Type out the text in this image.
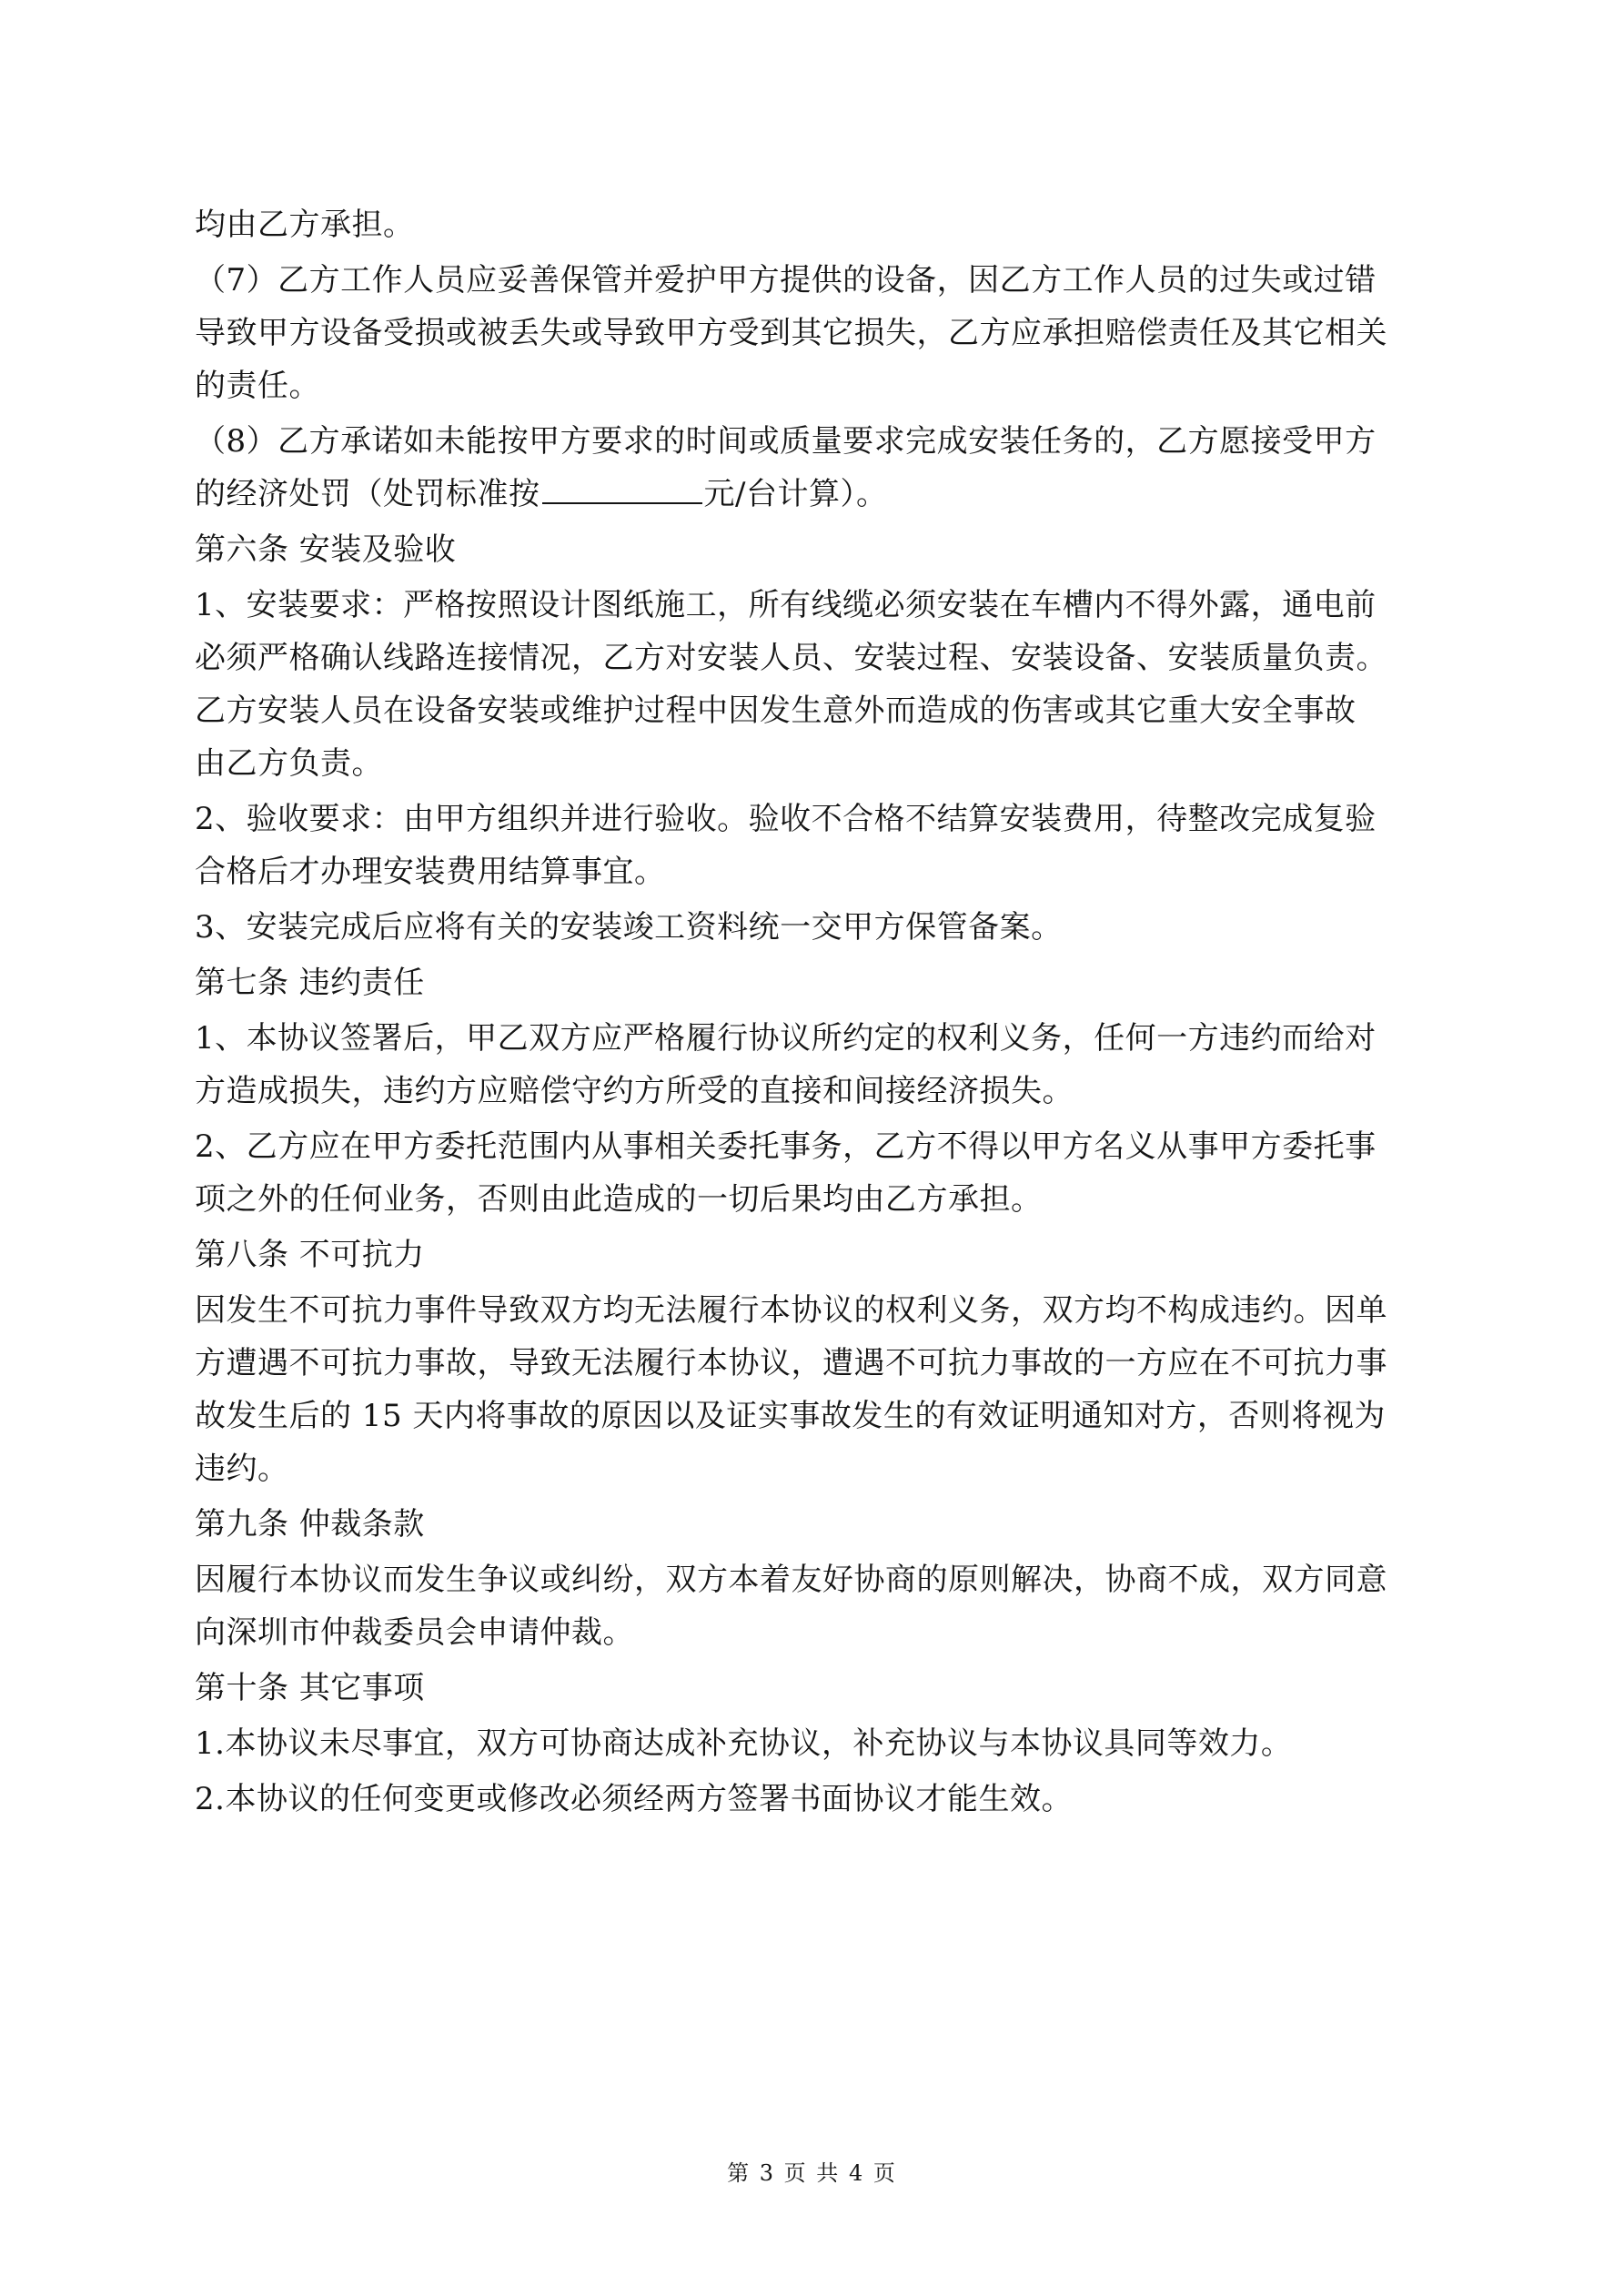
均由乙方承担。
（7）乙方工作人员应妥善保管并爱护甲方提供的设备，因乙方工作人员的过失或过错
导致甲方设备受损或被丢失或导致甲方受到其它损失，乙方应承担赔偿责任及其它相关
的责任。
（8）乙方承诺如未能按甲方要求的时间或质量要求完成安装任务的，乙方愿接受甲方
的经济处罚（处罚标准按	元/台计算）。
第六条 安装及验收
1、安装要求：严格按照设计图纸施工，所有线缆必须安装在车槽内不得外露，通电前
必须严格确认线路连接情况，乙方对安装人员、安装过程、安装设备、安装质量负责。
乙方安装人员在设备安装或维护过程中因发生意外而造成的伤害或其它重大安全事故
由乙方负责。
2、验收要求：由甲方组织并进行验收。验收不合格不结算安装费用，待整改完成复验
合格后才办理安装费用结算事宜。
3、安装完成后应将有关的安装竣工资料统一交甲方保管备案。
第七条 违约责任
1、本协议签署后，甲乙双方应严格履行协议所约定的权利义务，任何一方违约而给对
方造成损失，违约方应赔偿守约方所受的直接和间接经济损失。
2、乙方应在甲方委托范围内从事相关委托事务，乙方不得以甲方名义从事甲方委托事
项之外的任何业务，否则由此造成的一切后果均由乙方承担。
第八条 不可抗力
因发生不可抗力事件导致双方均无法履行本协议的权利义务，双方均不构成违约。因单
方遭遇不可抗力事故，导致无法履行本协议，遭遇不可抗力事故的一方应在不可抗力事
故发生后的 15 天内将事故的原因以及证实事故发生的有效证明通知对方，否则将视为
违约。
第九条 仲裁条款
因履行本协议而发生争议或纠纷，双方本着友好协商的原则解决，协商不成，双方同意
向深圳市仲裁委员会申请仲裁。
第十条 其它事项
1.本协议未尽事宜，双方可协商达成补充协议，补充协议与本协议具同等效力。
2.本协议的任何变更或修改必须经两方签署书面协议才能生效。
第 3 页 共 4 页
